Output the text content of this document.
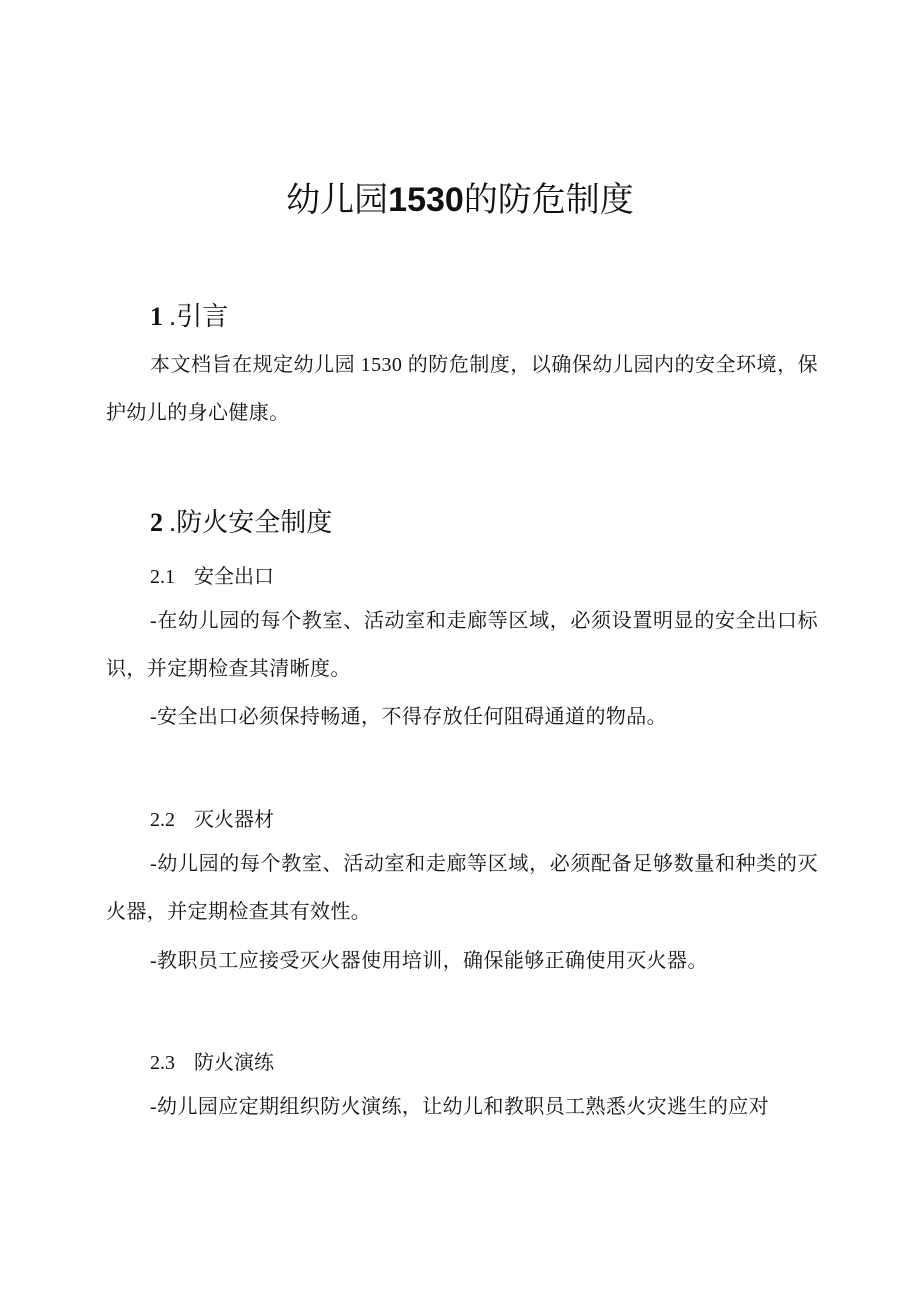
幼儿园1530的防危制度
1 .引言

本文档旨在规定幼儿园 1530 的防危制度，以确保幼儿园内的安全环境，保护幼儿的身心健康。

2 .防火安全制度
2.1 安全出口

-在幼儿园的每个教室、活动室和走廊等区域，必须设置明显的安全出口标识，并定期检查其清晰度。

-安全出口必须保持畅通，不得存放任何阻碍通道的物品。

2.2 灭火器材

-幼儿园的每个教室、活动室和走廊等区域，必须配备足够数量和种类的灭火器，并定期检查其有效性。

-教职员工应接受灭火器使用培训，确保能够正确使用灭火器。

2.3 防火演练

-幼儿园应定期组织防火演练，让幼儿和教职员工熟悉火灾逃生的应对
